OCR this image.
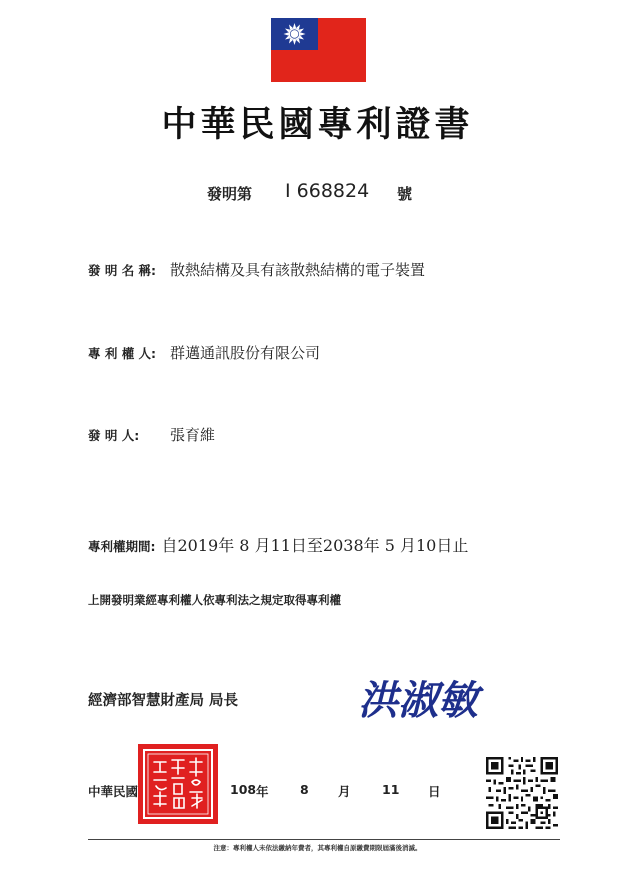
中華民國專利證書
發明第 I 668824 號
發 明 名 稱: 散熱結構及具有該散熱結構的電子裝置
專 利 權 人: 群邁通訊股份有限公司
發 明 人: 張育維
專利權期間: 自2019年 8 月11日至2038年 5 月10日止
上開發明業經專利權人依專利法之規定取得專利權
經濟部智慧財產局 局長	洪淑敏
中華民國	108 年	8 月	11 日
注意：專利權人未依法繳納年費者，其專利權自原繳費期限屆滿後消滅。
